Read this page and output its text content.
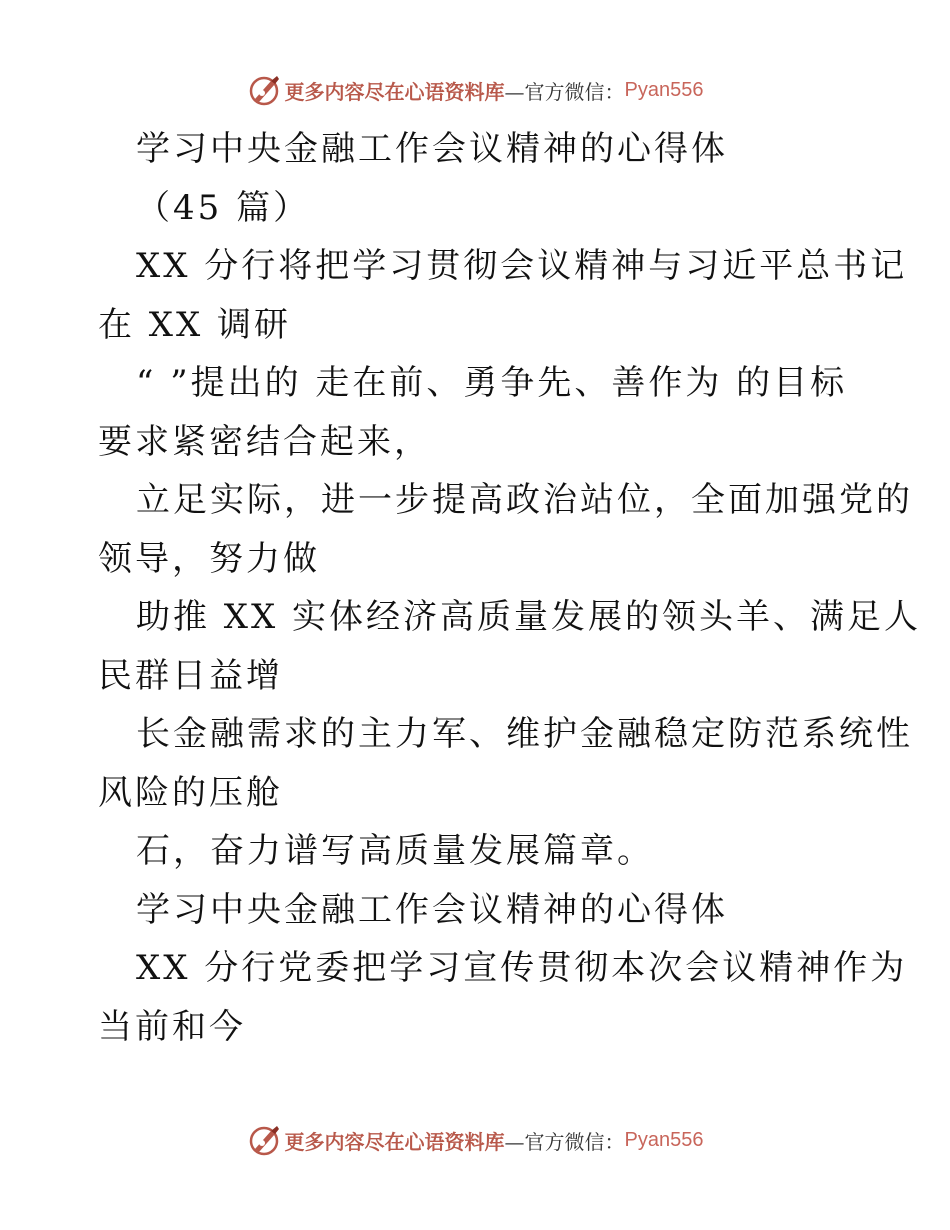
更多内容尽在心语资料库 —官方微信： Pyan556
学习中央金融工作会议精神的心得体
（45 篇）
XX 分行将把学习贯彻会议精神与习近平总书记
在 XX 调研
“ ”提出的 走在前、勇争先、善作为 的目标
要求紧密结合起来，
立足实际，进一步提高政治站位，全面加强党的
领导，努力做
助推 XX 实体经济高质量发展的领头羊、满足人
民群日益增
长金融需求的主力军、维护金融稳定防范系统性
风险的压舱
石，奋力谱写高质量发展篇章。
学习中央金融工作会议精神的心得体
XX 分行党委把学习宣传贯彻本次会议精神作为
当前和今
更多内容尽在心语资料库 —官方微信： Pyan556
